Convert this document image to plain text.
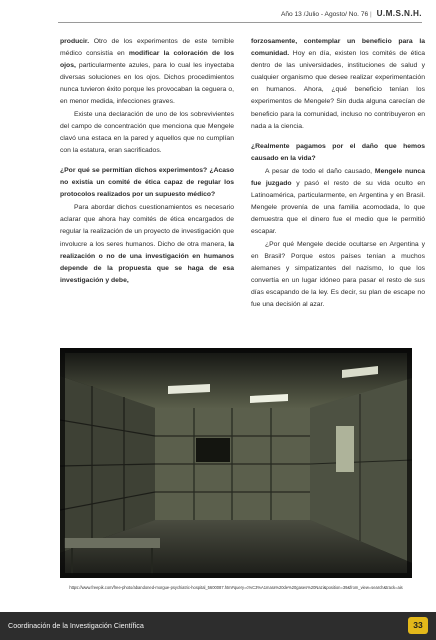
Año 13 /Julio - Agosto/ No. 76 | U.M.S.N.H.

producir. Otro de los experimentos de este temible médico consistía en modificar la coloración de los ojos, particularmente azules, para lo cual les inyectaba diversas soluciones en los ojos. Dichos procedimientos nunca tuvieron éxito porque les provocaban la ceguera o, en menor medida, infecciones graves.

Existe una declaración de uno de los sobrevivientes del campo de concentración que menciona que Mengele clavó una estaca en la pared y aquellos que no cumplían con la estatura, eran sacrificados.

¿Por qué se permitían dichos experimentos? ¿Acaso no existía un comité de ética capaz de regular los protocolos realizados por un supuesto médico?

Para abordar dichos cuestionamientos es necesario aclarar que ahora hay comités de ética encargados de regular la realización de un proyecto de investigación que involucre a los seres humanos. Dicho de otra manera, la realización o no de una investigación en humanos depende de la propuesta que se haga de esa investigación y debe,

forzosamente, contemplar un beneficio para la comunidad. Hoy en día, existen los comités de ética dentro de las universidades, instituciones de salud y cualquier organismo que desee realizar experimentación en humanos. Ahora, ¿qué beneficio tenían los experimentos de Mengele? Sin duda alguna carecían de beneficio para la comunidad, incluso no contribuyeron en nada a la ciencia.

¿Realmente pagamos por el daño que hemos causado en la vida?

A pesar de todo el daño causado, Mengele nunca fue juzgado y pasó el resto de su vida oculto en Latinoamérica, particularmente, en Argentina y en Brasil. Mengele provenía de una familia acomodada, lo que demuestra que el dinero fue el medio que le permitió escapar.

¿Por qué Mengele decide ocultarse en Argentina y en Brasil? Porque estos países tenían a muchos alemanes y simpatizantes del nazismo, lo que los convertía en un lugar idóneo para pasar el resto de sus días escapando de la ley. Es decir, su plan de escape no fue una decisión al azar.

https://www.freepik.com/free-photo/abandoned-morgue-psychiatric-hospital_5600087.htm#query=c%C3%A1mara%20de%20gases%20Nazi&position=39&from_view=search&track=ais
Coordinación de la Investigación Científica	33
